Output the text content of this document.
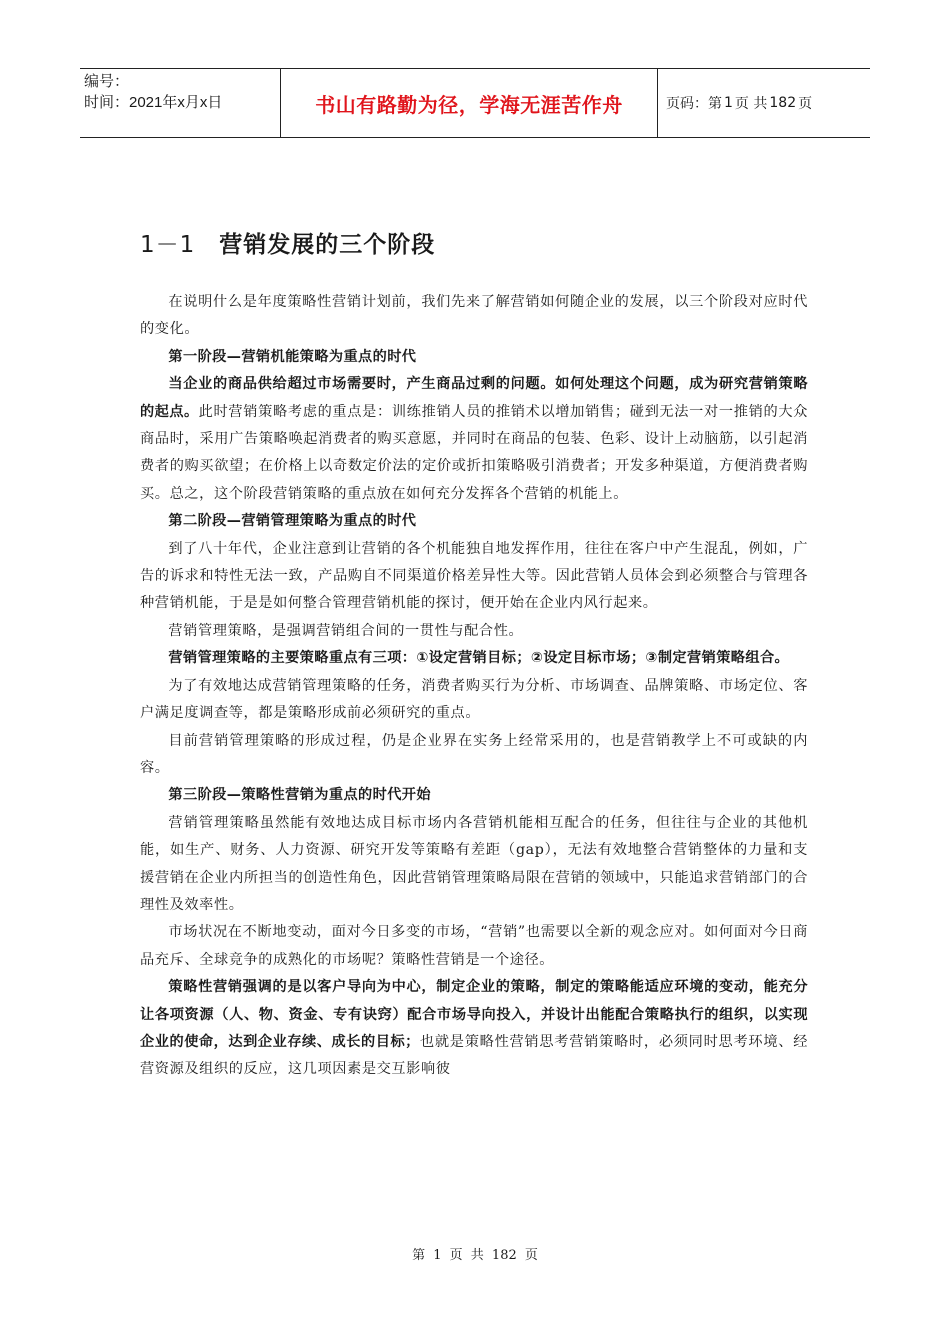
编号：
时间：2021年x月x日	书山有路勤为径，学海无涯苦作舟	页码：第 1 页 共 182 页
1－1 营销发展的三个阶段

在说明什么是年度策略性营销计划前，我们先来了解营销如何随企业的发展，以三个阶段对应时代的变化。

第一阶段—营销机能策略为重点的时代

当企业的商品供给超过市场需要时，产生商品过剩的问题。如何处理这个问题，成为研究营销策略的起点。此时营销策略考虑的重点是：训练推销人员的推销术以增加销售；碰到无法一对一推销的大众商品时，采用广告策略唤起消费者的购买意愿，并同时在商品的包装、色彩、设计上动脑筋，以引起消费者的购买欲望；在价格上以奇数定价法的定价或折扣策略吸引消费者；开发多种渠道，方便消费者购买。总之，这个阶段营销策略的重点放在如何充分发挥各个营销的机能上。

第二阶段—营销管理策略为重点的时代

到了八十年代，企业注意到让营销的各个机能独自地发挥作用，往往在客户中产生混乱，例如，广告的诉求和特性无法一致，产品购自不同渠道价格差异性大等。因此营销人员体会到必须整合与管理各种营销机能，于是是如何整合管理营销机能的探讨，便开始在企业内风行起来。

营销管理策略，是强调营销组合间的一贯性与配合性。

营销管理策略的主要策略重点有三项：①设定营销目标；②设定目标市场；③制定营销策略组合。

为了有效地达成营销管理策略的任务，消费者购买行为分析、市场调查、品牌策略、市场定位、客户满足度调查等，都是策略形成前必须研究的重点。

目前营销管理策略的形成过程，仍是企业界在实务上经常采用的，也是营销教学上不可或缺的内容。

第三阶段—策略性营销为重点的时代开始

营销管理策略虽然能有效地达成目标市场内各营销机能相互配合的任务，但往往与企业的其他机能，如生产、财务、人力资源、研究开发等策略有差距（gap），无法有效地整合营销整体的力量和支援营销在企业内所担当的创造性角色，因此营销管理策略局限在营销的领域中，只能追求营销部门的合理性及效率性。

市场状况在不断地变动，面对今日多变的市场，“营销”也需要以全新的观念应对。如何面对今日商品充斥、全球竞争的成熟化的市场呢？策略性营销是一个途径。

策略性营销强调的是以客户导向为中心，制定企业的策略，制定的策略能适应环境的变动，能充分让各项资源（人、物、资金、专有诀窍）配合市场导向投入，并设计出能配合策略执行的组织，以实现企业的使命，达到企业存续、成长的目标；也就是策略性营销思考营销策略时，必须同时思考环境、经营资源及组织的反应，这几项因素是交互影响彼

第 1 页 共 182 页
